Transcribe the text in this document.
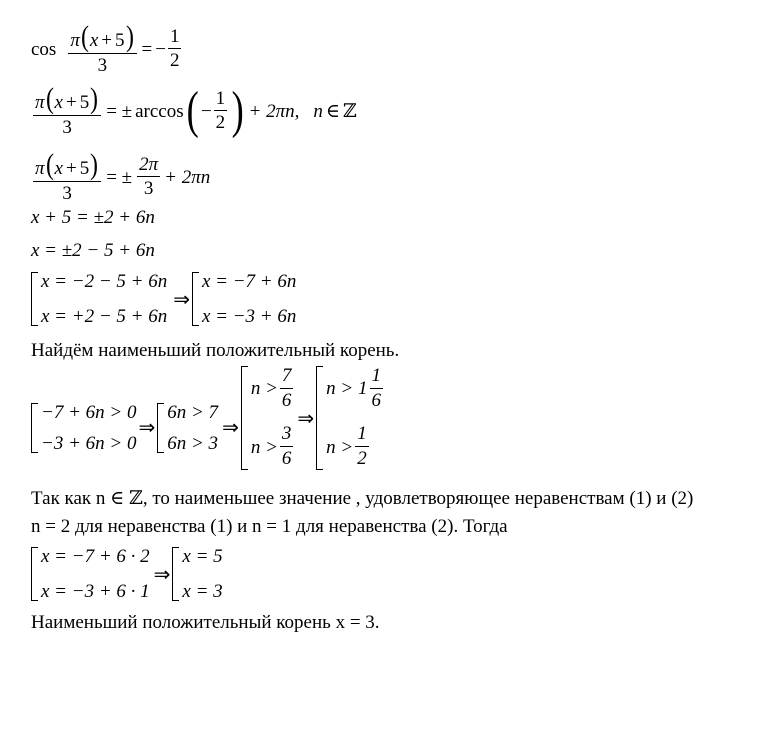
$\cos \frac{\pi(x + 5)}{3}$ = − $\frac{1}{2}$
$\frac{\pi(x + 5)}{3}$ = ± arccos ( − $\frac{1}{2}$ ) + 2πn, n ∈ ℤ
$\frac{\pi(x + 5)}{3}$ = ± $\frac{2\pi}{3} + 2\pi n$
x + 5 = ±2 + 6n
x = ±2 − 5 + 6n
x = −2 − 5 + 6n
x = +2 − 5 + 6n
⇒
x = −7 + 6n
x = −3 + 6n
Найдём наименьший положительный корень.
−7 + 6n > 0
−3 + 6n > 0
⇒
6n > 7
6n > 3
⇒
$n > \frac{7}{6}$
$n > \frac{3}{6}$
⇒
$n > 1 \frac{1}{6}$
$n > \frac{1}{2}$
Так как n ∈ ℤ, то наименьшее значение , удовлетворяющее неравенствам (1) и (2)
n = 2 для неравенства (1) и n = 1 для неравенства (2). Тогда
x = −7 + 6 · 2
x = −3 + 6 · 1
⇒
x = 5
x = 3
Наименьший положительный корень x = 3.
